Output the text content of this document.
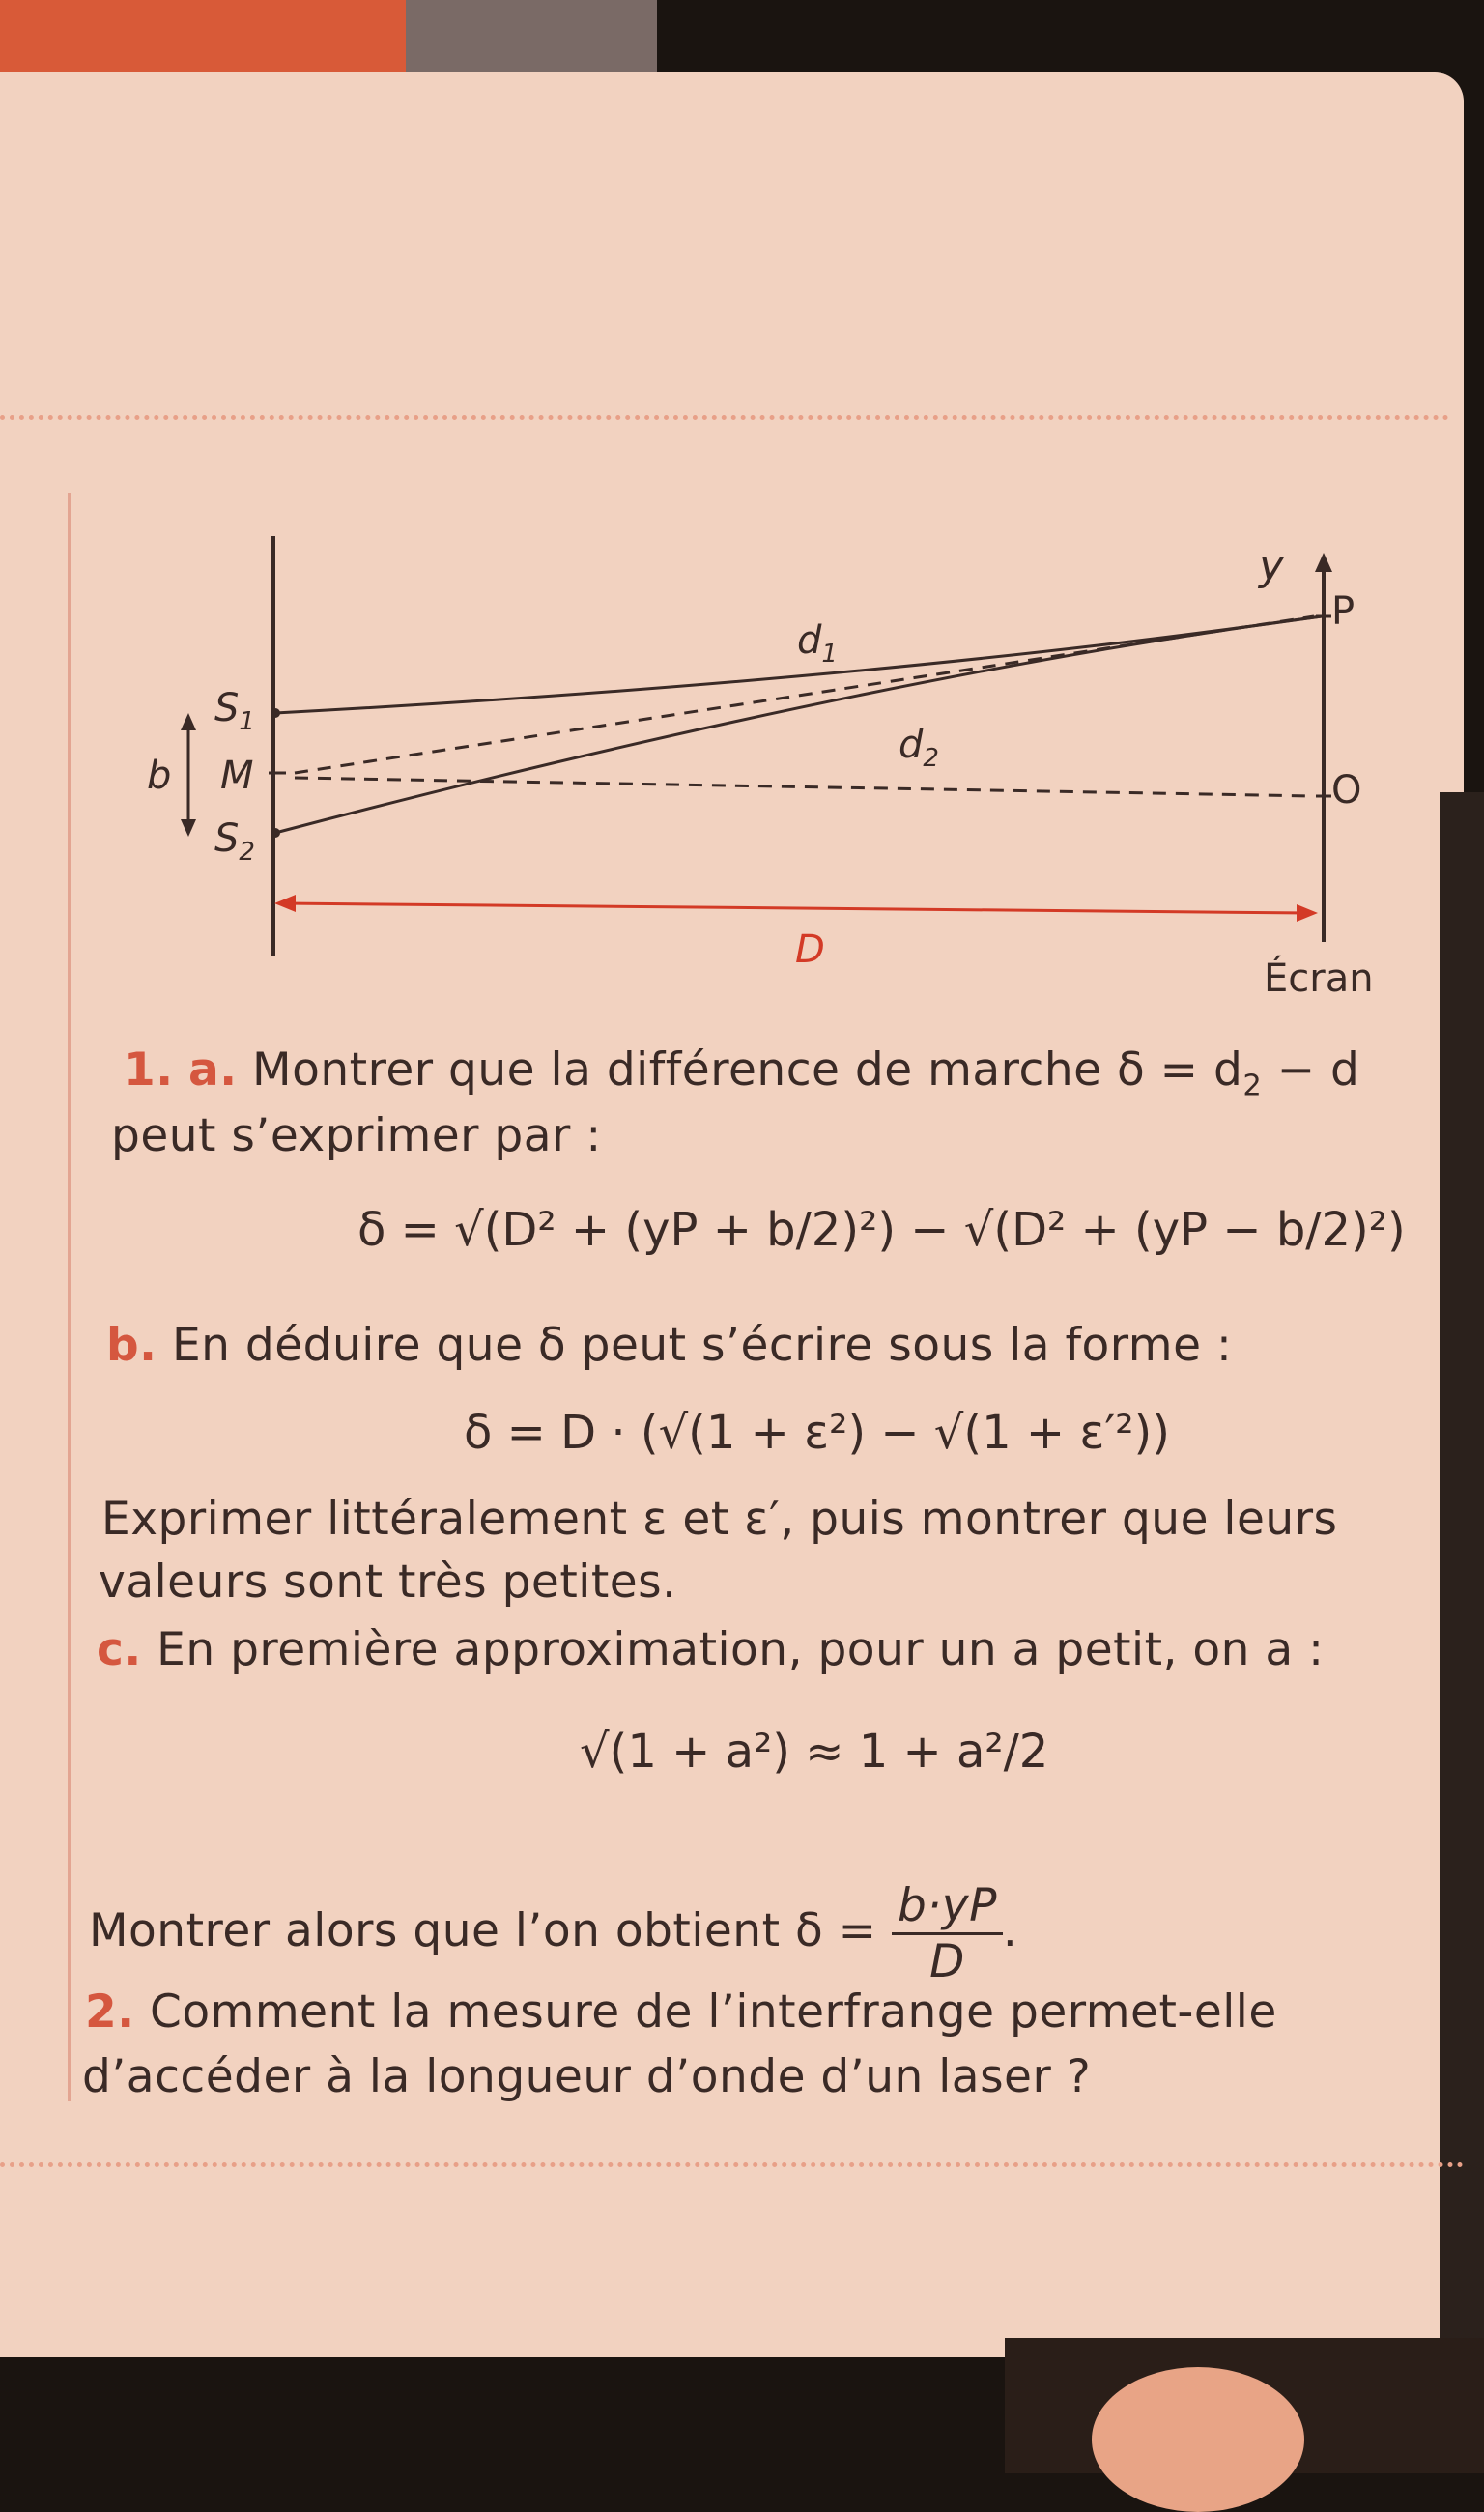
y
P
O
$d_1$
$d_2$
$S_1$
$S_2$
b M
D
Écran
1. a. Montrer que la différence de marche $\delta = d_2 - d$
peut s’exprimer par :
δ = √(D² + (yP + b/2)²) − √(D² + (yP − b/2)²)
b. En déduire que δ peut s’écrire sous la forme :
δ = D · (√(1 + ε²) − √(1 + ε′²))
Exprimer littéralement ε et ε′, puis montrer que leurs
valeurs sont très petites.
c. En première approximation, pour un a petit, on a :
√(1 + a²) ≈ 1 + a²/2
Montrer alors que l’on obtient $\delta = \frac{b\cdot yP}{D}$ .
2. Comment la mesure de l’interfrange permet-elle
d’accéder à la longueur d’onde d’un laser ?
